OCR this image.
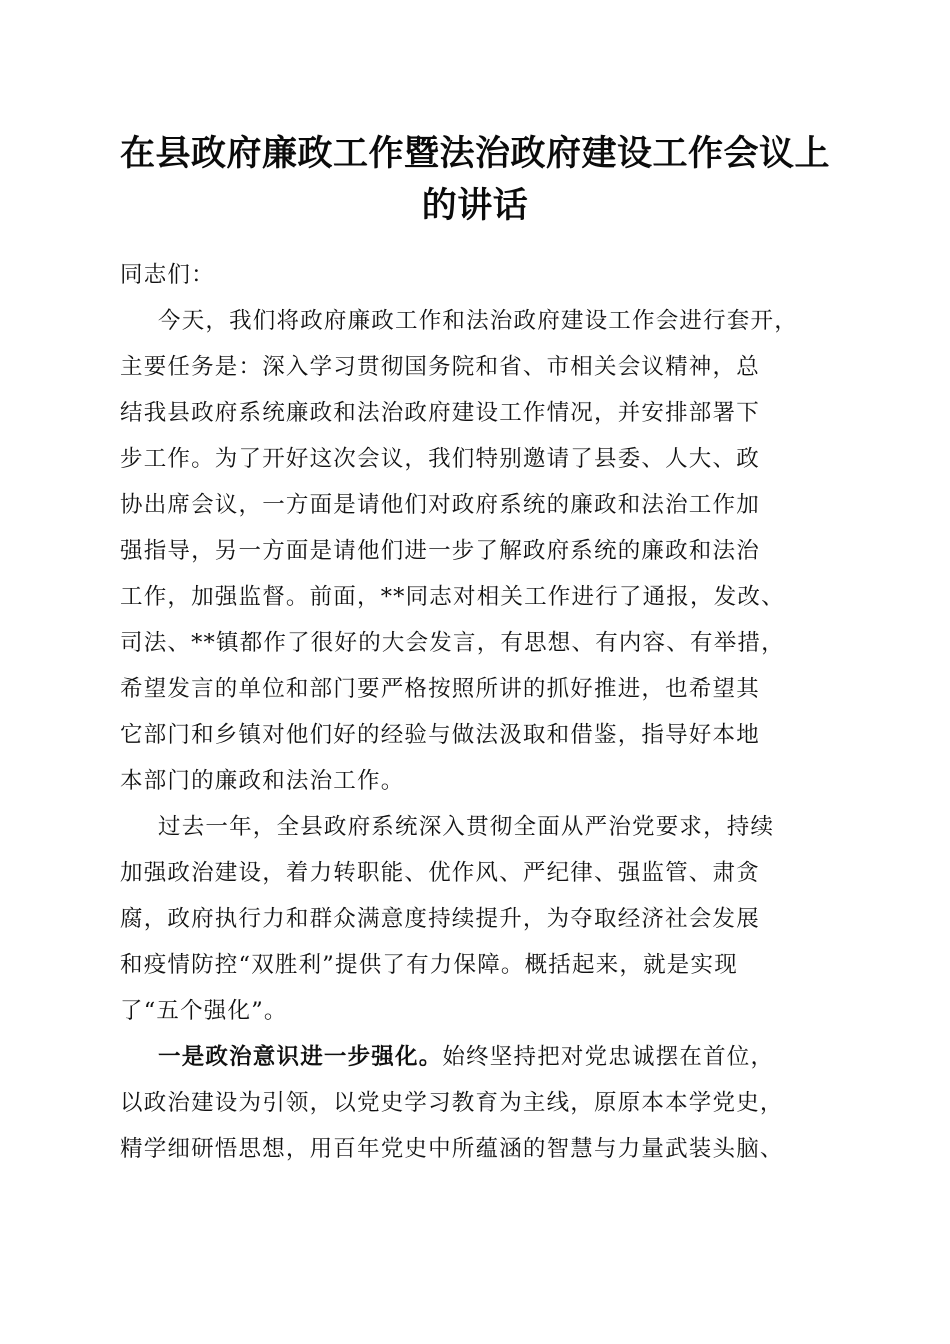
在县政府廉政工作暨法治政府建设工作会议上
的讲话
同志们：
今天，我们将政府廉政工作和法治政府建设工作会进行套开，
主要任务是：深入学习贯彻国务院和省、市相关会议精神，总
结我县政府系统廉政和法治政府建设工作情况，并安排部署下
步工作。为了开好这次会议，我们特别邀请了县委、人大、政
协出席会议，一方面是请他们对政府系统的廉政和法治工作加
强指导，另一方面是请他们进一步了解政府系统的廉政和法治
工作，加强监督。前面，**同志对相关工作进行了通报，发改、
司法、**镇都作了很好的大会发言，有思想、有内容、有举措，
希望发言的单位和部门要严格按照所讲的抓好推进，也希望其
它部门和乡镇对他们好的经验与做法汲取和借鉴，指导好本地
本部门的廉政和法治工作。
过去一年，全县政府系统深入贯彻全面从严治党要求，持续
加强政治建设，着力转职能、优作风、严纪律、强监管、肃贪
腐，政府执行力和群众满意度持续提升，为夺取经济社会发展
和疫情防控“双胜利”提供了有力保障。概括起来，就是实现
了“五个强化”。
一是政治意识进一步强化。始终坚持把对党忠诚摆在首位，
以政治建设为引领，以党史学习教育为主线，原原本本学党史，
精学细研悟思想，用百年党史中所蕴涵的智慧与力量武装头脑、
